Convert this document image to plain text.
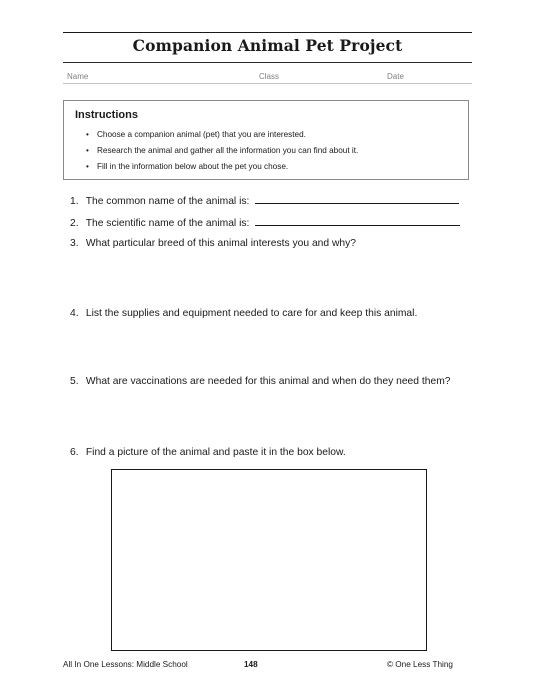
Companion Animal Pet Project
Name	Class	Date
Instructions
• Choose a companion animal (pet) that you are interested.
• Research the animal and gather all the information you can find about it.
• Fill in the information below about the pet you chose.
1. The common name of the animal is:
2. The scientific name of the animal is:
3. What particular breed of this animal interests you and why?
4. List the supplies and equipment needed to care for and keep this animal.
5. What are vaccinations are needed for this animal and when do they need them?
6. Find a picture of the animal and paste it in the box below.
All In One Lessons: Middle School	148	© One Less Thing
